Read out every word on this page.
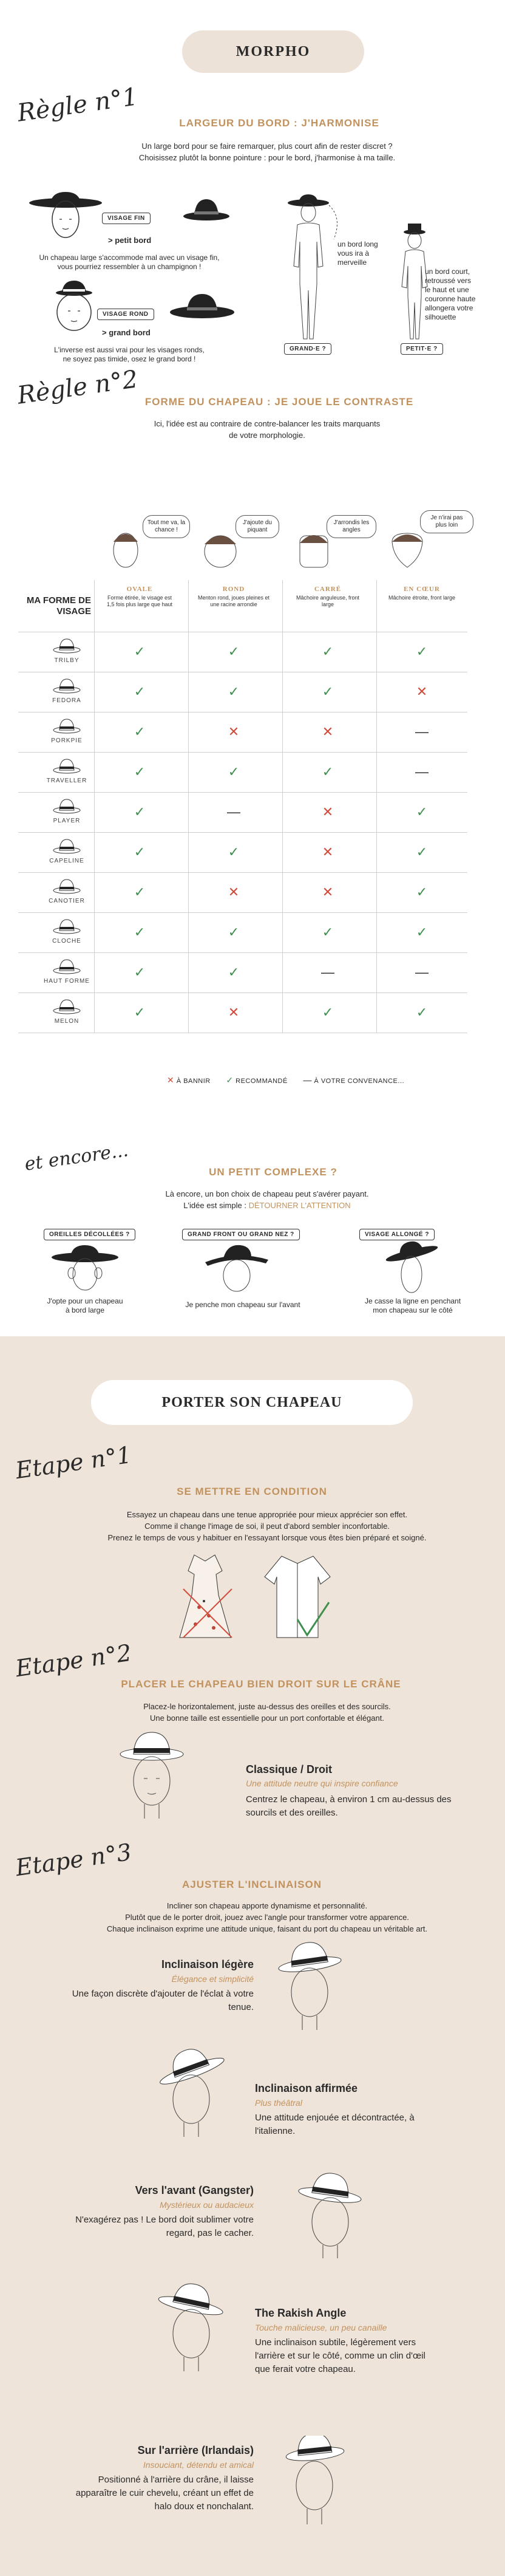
MORPHO
Règle n°1	LARGEUR DU BORD : J'HARMONISE
Un large bord pour se faire remarquer, plus court afin de rester discret ?
Choisissez plutôt la bonne pointure : pour le bord, j'harmonise à ma taille.
VISAGE FIN
> petit bord
Un chapeau large s'accommode mal avec un visage fin,
vous pourriez ressembler à un champignon !
VISAGE ROND
> grand bord
L'inverse est aussi vrai pour les visages ronds,
ne soyez pas timide, osez le grand bord !
un bord long
vous ira à
merveille
GRAND·E ?	PETIT·E ?
un bord court,
retroussé vers
le haut et une
couronne haute
allongera votre
silhouette
Règle n°2 FORME DU CHAPEAU : JE JOUE LE CONTRASTE
Ici, l'idée est au contraire de contre-balancer les traits marquants
de votre morphologie.
Tout me va, la chance !
J'ajoute du piquant
J'arrondis les angles
Je n'irai pas plus loin
MA FORME DE
VISAGE
OVALE
Forme étirée, le visage est 1,5 fois plus large que haut
ROND
Menton rond, joues pleines et une racine arrondie
CARRÉ
Mâchoire anguleuse, front large
EN CŒUR
Mâchoire étroite, front large
TRILBY
✓	✓	✓	✓
FEDORA
✓	✓	✓	✕
PORKPIE
✓	✕	✕	—
TRAVELLER
✓	✓	✓	—
PLAYER
✓	—	✕	✓
CAPELINE
✓	✓	✕	✓
CANOTIER
✓	✕	✕	✓
CLOCHE
✓	✓	✓	✓
HAUT FORME
✓	✓	—	—
MELON
✓	✕	✓	✓
✕ À BANNIR ✓ RECOMMANDÉ — À VOTRE CONVENANCE...
et encore...	UN PETIT COMPLEXE ?
Là encore, un bon choix de chapeau peut s'avérer payant.
L'idée est simple : DÉTOURNER L'ATTENTION
OREILLES DÉCOLLÉES ?	GRAND FRONT OU GRAND NEZ ?	VISAGE ALLONGÉ ?
J'opte pour un chapeau
à bord large
Je penche mon chapeau sur l'avant	Je casse la ligne en penchant
mon chapeau sur le côté
PORTER SON CHAPEAU
Etape n°1
SE METTRE EN CONDITION
Essayez un chapeau dans une tenue appropriée pour mieux apprécier son effet.
Comme il change l'image de soi, il peut d'abord sembler inconfortable.
Prenez le temps de vous y habituer en l'essayant lorsque vous êtes bien préparé et soigné.
Etape n°2
PLACER LE CHAPEAU BIEN DROIT SUR LE CRÂNE
Placez-le horizontalement, juste au-dessus des oreilles et des sourcils.
Une bonne taille est essentielle pour un port confortable et élégant.
Classique / Droit
Une attitude neutre qui inspire confiance
Centrez le chapeau, à environ 1 cm au-dessus des
sourcils et des oreilles.
Etape n°3
AJUSTER L'INCLINAISON
Incliner son chapeau apporte dynamisme et personnalité.
Plutôt que de le porter droit, jouez avec l'angle pour transformer votre apparence.
Chaque inclinaison exprime une attitude unique, faisant du port du chapeau un véritable art.
Inclinaison légère
Élégance et simplicité
Une façon discrète d'ajouter de l'éclat à votre
tenue.
Inclinaison affirmée
Plus théâtral
Une attitude enjouée et décontractée, à
l'italienne.
Vers l'avant (Gangster)
Mystérieux ou audacieux
N'exagérez pas ! Le bord doit sublimer votre
regard, pas le cacher.
The Rakish Angle
Touche malicieuse, un peu canaille
Une inclinaison subtile, légèrement vers
l'arrière et sur le côté, comme un clin d'œil
que ferait votre chapeau.
Sur l'arrière (Irlandais)
Insouciant, détendu et amical
Positionné à l'arrière du crâne, il laisse
apparaître le cuir chevelu, créant un effet de
halo doux et nonchalant.
